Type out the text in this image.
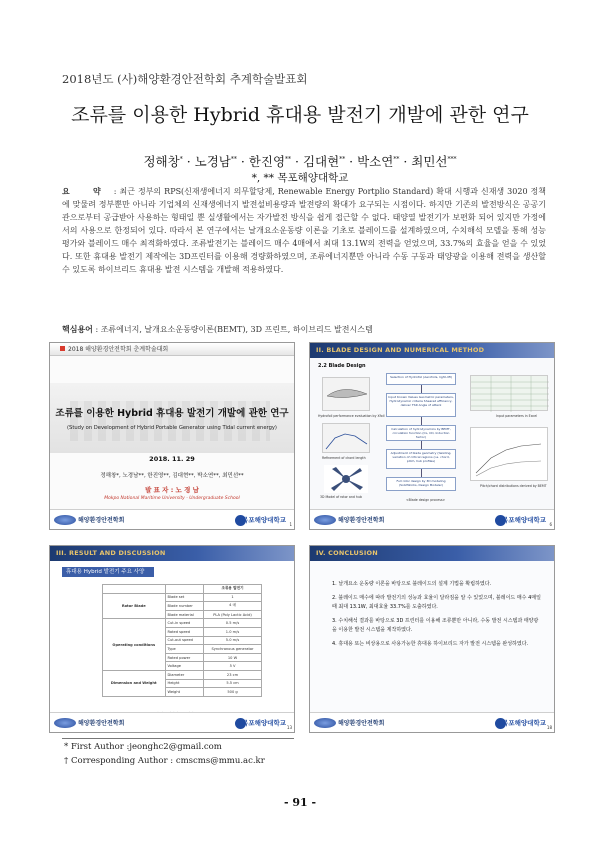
2018년도 (사)해양환경안전학회 추계학술발표회
조류를 이용한 Hybrid 휴대용 발전기 개발에 관한 연구
정해창* · 노경남** · 한진영** · 김대현** · 박소연** · 최민선***
*, ** 목포해양대학교
요 약 : 최근 정부의 RPS(신재생에너지 의무할당제, Renewable Energy Portplio Standard) 확대 시행과 신재생 3020 정책에 맞물려 정부뿐만 아니라 기업체의 신재생에너지 발전설비용량과 발전량의 확대가 요구되는 시점이다. 하지만 기존의 발전방식은 공공기관으로부터 공급받아 사용하는 형태일 뿐 실생활에서는 자가발전 방식을 쉽게 접근할 수 없다. 태양열 발전기가 보편화 되어 있지만 가정에서의 사용으로 한정되어 있다. 따라서 본 연구에서는 날개요소운동량 이론을 기초로 블레이드를 설계하였으며, 수치해석 모델을 통해 성능 평가와 블레이드 매수 최적화하였다. 조류발전기는 블레이드 매수 4매에서 최대 13.1W의 전력을 얻었으며, 33.7%의 효율을 얻을 수 있었다. 또한 휴대용 발전기 제작에는 3D프린터를 이용해 경량화하였으며, 조류에너지뿐만 아니라 수동 구동과 태양광을 이용해 전력을 생산할 수 있도록 하이브리드 휴대용 발전 시스템을 개발해 적용하였다.
핵심용어 : 조류에너지, 날개요소운동량이론(BEMT), 3D 프린트, 하이브리드 발전시스템
2018 해양환경안전학회 춘계학술대회
조류를 이용한 Hybrid 휴대용 발전기 개발에 관한 연구
(Study on Development of Hybrid Portable Generator using Tidal current energy)
2018. 11. 29
정해창*, 노경남**, 한진영**, 김대현**, 박소연**, 최민선**
발 표 자 : 노 경 남
Mokpo National Maritime University - Undergraduate School
해양환경안전학회	목포해양대학교
1
II. BLADE DESIGN AND NUMERICAL METHOD
2.2 Blade Design
Hydrofoil performance evaluation by Xfoil
Refinement of chord length
3D Model of rotor and hub
Selection of Hydrofoil (Aerofoils, light-lift)
Input Known Values Geometric parameters, Hydrodynamic criteria Sheared efficiency, deliver TSR Angle of attack
Calculation of hydrodynamics by BEMT, circulation function (CL, CD, Induction factor)
Adjustment of blade geometry (twisting, variation of critical regions (i.e. chord, pitch, hub profiles)
Full rotor design by 3D modeling (SolidWorks, Design Modeler)
Input parameters in Excel
Pitch/chord distributions derived by BEMT
<Blade design process>
해양환경안전학회	목포해양대학교
6
III. RESULT AND DISCUSSION
휴대용 Hybrid 발전기 주요 사양
		조류용 발전기
Rotor Blade	Blade set	1
	Blade number	4 매
	Blade material	PLA (Poly Lactic Acid)
Operating conditions	Cut-in speed	0.5 m/s
	Rated speed	1.0 m/s
	Cut-out speed	5.0 m/s
	Type	Synchronous generator
	Rated power	10 W
	Voltage	5 V
Dimension and Weight	Diameter	23 cm
	Height	5.5 cm
	Weight	500 g
해양환경안전학회	목포해양대학교
13
IV. CONCLUSION
1. 날개요소 운동량 이론을 바탕으로 블레이드의 설계 기법을 확립하였다.
2. 블레이드 매수에 따라 발전기의 성능과 효율이 달라짐을 알 수 있었으며, 블레이드 매수 4매일 때 최대 13.1W, 최대효율 33.7%를 도출하였다.
3. 수치해석 결과를 바탕으로 3D 프린터를 이용해 조류뿐만 아니라, 수동 발전 시스템과 태양광을 이용한 발전 시스템을 제작하였다.
4. 휴대용 또는 비상용으로 사용가능한 휴대용 하이브리드 자가 발전 시스템을 완성하였다.
해양환경안전학회	목포해양대학교
18
* First Author :jeonghc2@gmail.com
† Corresponding Author : cmscms@mmu.ac.kr
- 91 -
